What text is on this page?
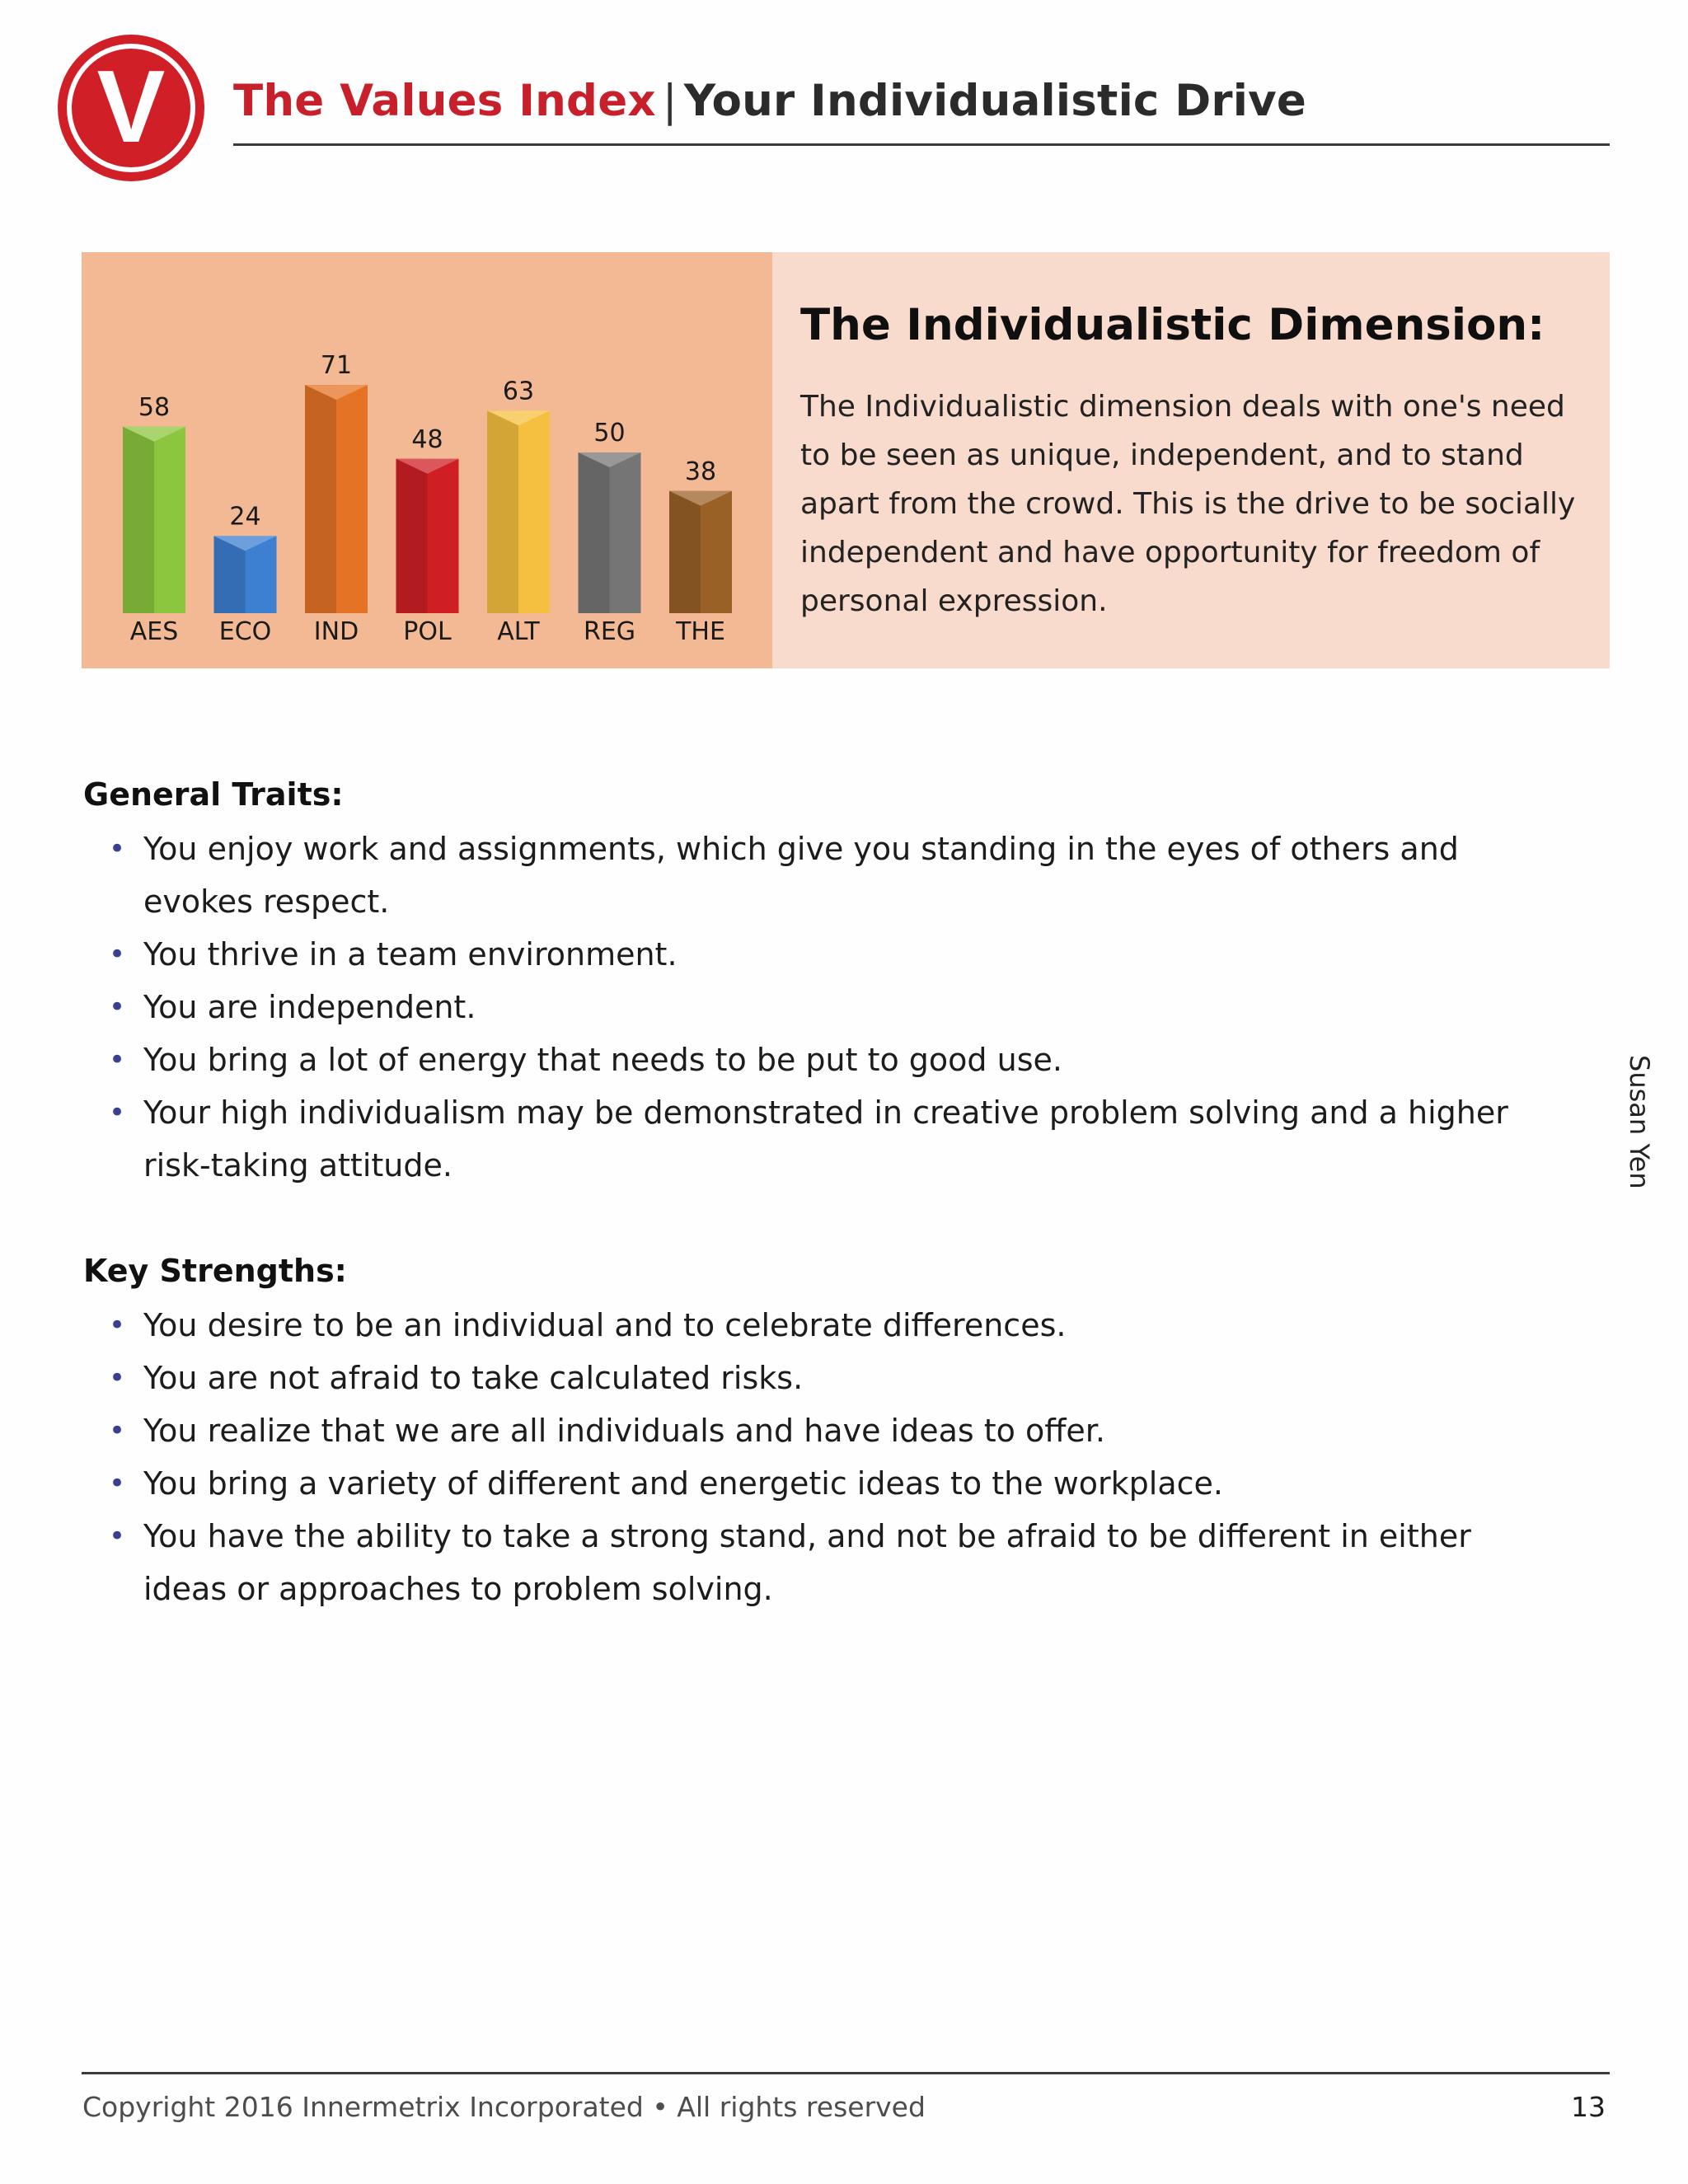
V The Values Index | Your Individualistic Drive
58
AES
24
ECO
71
IND
48
POL
63
ALT
50
REG
38
THE
The Individualistic Dimension:

The Individualistic dimension deals with one's need to be seen as unique, independent, and to stand apart from the crowd. This is the drive to be socially independent and have opportunity for freedom of personal expression.

General Traits:
• You enjoy work and assignments, which give you standing in the eyes of others and evokes respect.
• You thrive in a team environment.
• You are independent.
• You bring a lot of energy that needs to be put to good use.
• Your high individualism may be demonstrated in creative problem solving and a higher risk-taking attitude.
Key Strengths:
• You desire to be an individual and to celebrate differences.
• You are not afraid to take calculated risks.
• You realize that we are all individuals and have ideas to offer.
• You bring a variety of different and energetic ideas to the workplace.
• You have the ability to take a strong stand, and not be afraid to be different in either ideas or approaches to problem solving.

Susan Yen

Copyright 2016 Innermetrix Incorporated • All rights reserved	13
